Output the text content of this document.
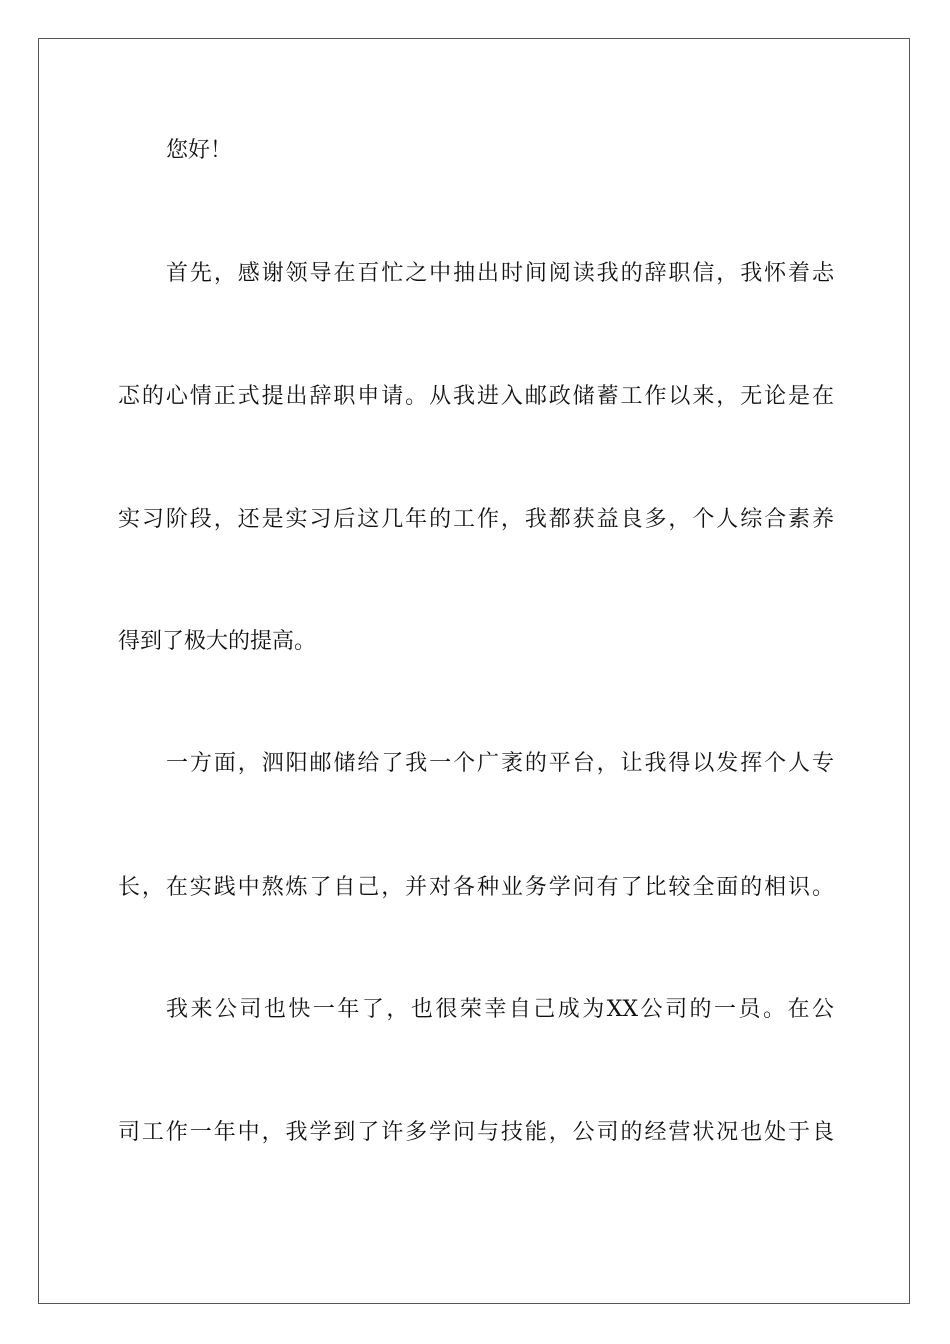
您好！

首先，感谢领导在百忙之中抽出时间阅读我的辞职信，我怀着忐

忑的心情正式提出辞职申请。从我进入邮政储蓄工作以来，无论是在

实习阶段，还是实习后这几年的工作，我都获益良多，个人综合素养

得到了极大的提高。

一方面，泗阳邮储给了我一个广袤的平台，让我得以发挥个人专

长，在实践中熬炼了自己，并对各种业务学问有了比较全面的相识。

我来公司也快一年了，也很荣幸自己成为XX公司的一员。在公

司工作一年中，我学到了许多学问与技能，公司的经营状况也处于良
